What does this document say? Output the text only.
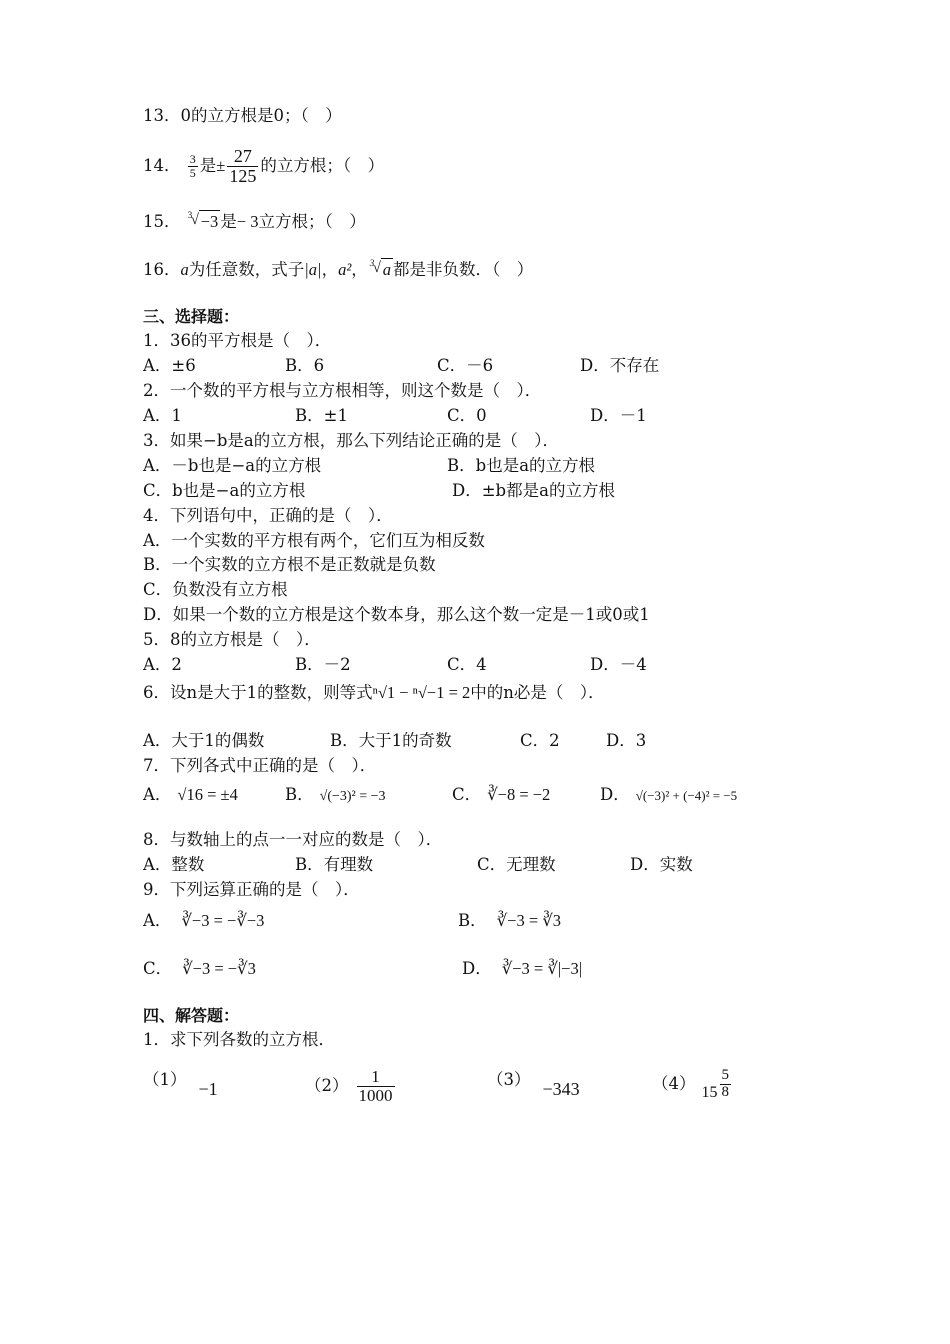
13．0的立方根是0；（　）
14． $\frac{3}{5}$ 是± $\frac{27}{125}$ 的立方根；（　）
15． 3
√ −3 是− 3立方根；（　）
16．a为任意数，式子|a|，a²， 3
√ a 都是非负数．（　）
三、选择题：
1．36的平方根是（　）．
A．±6	B．6	C．－6	D．不存在
2．一个数的平方根与立方根相等，则这个数是（　）．
A．1	B．±1	C．0	D．－1
3．如果−b是a的立方根，那么下列结论正确的是（　）．
A．－b也是−a的立方根	B．b也是a的立方根
C．b也是−a的立方根	D．±b都是a的立方根
4．下列语句中，正确的是（　）．
A．一个实数的平方根有两个，它们互为相反数
B．一个实数的立方根不是正数就是负数
C．负数没有立方根
D．如果一个数的立方根是这个数本身，那么这个数一定是－1或0或1
5．8的立方根是（　）．
A．2	B．－2	C．4	D．－4
6．设n是大于1的整数，则等式ⁿ√1 − ⁿ√−1 = 2中的n必是（　）．
A．大于1的偶数	B．大于1的奇数	C．2	D．3
7．下列各式中正确的是（　）．
A． √16 = ±4	B． √(−3)² = −3	C． ∛−8 = −2	D． √(−3)² + (−4)² = −5
8．与数轴上的点一一对应的数是（　）．
A．整数	B．有理数	C．无理数	D．实数
9．下列运算正确的是（　）．
A． ∛−3 = −∛−3	B． ∛−3 = ∛3
C． ∛−3 = −∛3	D． ∛−3 = ∛|−3|
四、解答题：
1．求下列各数的立方根．
（1） −1	$(2) \frac{1}{1000}$	（3） −343	（4） $15 \frac{5}{8}$
